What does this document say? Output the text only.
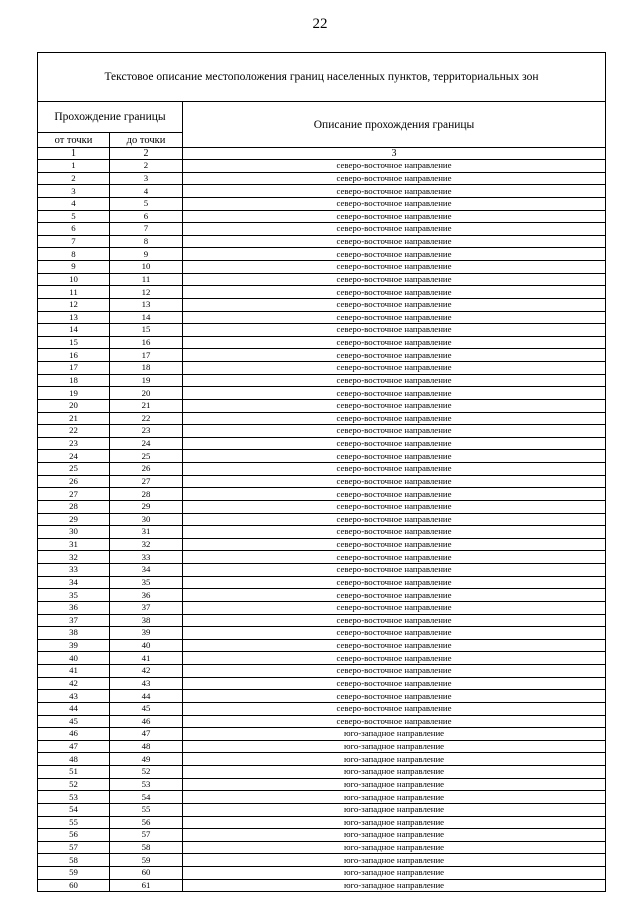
22
Текстовое описание местоположения границ населенных пунктов, территориальных зон		
Прохождение границы		Описание прохождения границы
от точки	до точки	
1	2	3
1	2	северо-восточное направление
2	3	северо-восточное направление
3	4	северо-восточное направление
4	5	северо-восточное направление
5	6	северо-восточное направление
6	7	северо-восточное направление
7	8	северо-восточное направление
8	9	северо-восточное направление
9	10	северо-восточное направление
10	11	северо-восточное направление
11	12	северо-восточное направление
12	13	северо-восточное направление
13	14	северо-восточное направление
14	15	северо-восточное направление
15	16	северо-восточное направление
16	17	северо-восточное направление
17	18	северо-восточное направление
18	19	северо-восточное направление
19	20	северо-восточное направление
20	21	северо-восточное направление
21	22	северо-восточное направление
22	23	северо-восточное направление
23	24	северо-восточное направление
24	25	северо-восточное направление
25	26	северо-восточное направление
26	27	северо-восточное направление
27	28	северо-восточное направление
28	29	северо-восточное направление
29	30	северо-восточное направление
30	31	северо-восточное направление
31	32	северо-восточное направление
32	33	северо-восточное направление
33	34	северо-восточное направление
34	35	северо-восточное направление
35	36	северо-восточное направление
36	37	северо-восточное направление
37	38	северо-восточное направление
38	39	северо-восточное направление
39	40	северо-восточное направление
40	41	северо-восточное направление
41	42	северо-восточное направление
42	43	северо-восточное направление
43	44	северо-восточное направление
44	45	северо-восточное направление
45	46	северо-восточное направление
46	47	юго-западное направление
47	48	юго-западное направление
48	49	юго-западное направление
51	52	юго-западное направление
52	53	юго-западное направление
53	54	юго-западное направление
54	55	юго-западное направление
55	56	юго-западное направление
56	57	юго-западное направление
57	58	юго-западное направление
58	59	юго-западное направление
59	60	юго-западное направление
60	61	юго-западное направление
